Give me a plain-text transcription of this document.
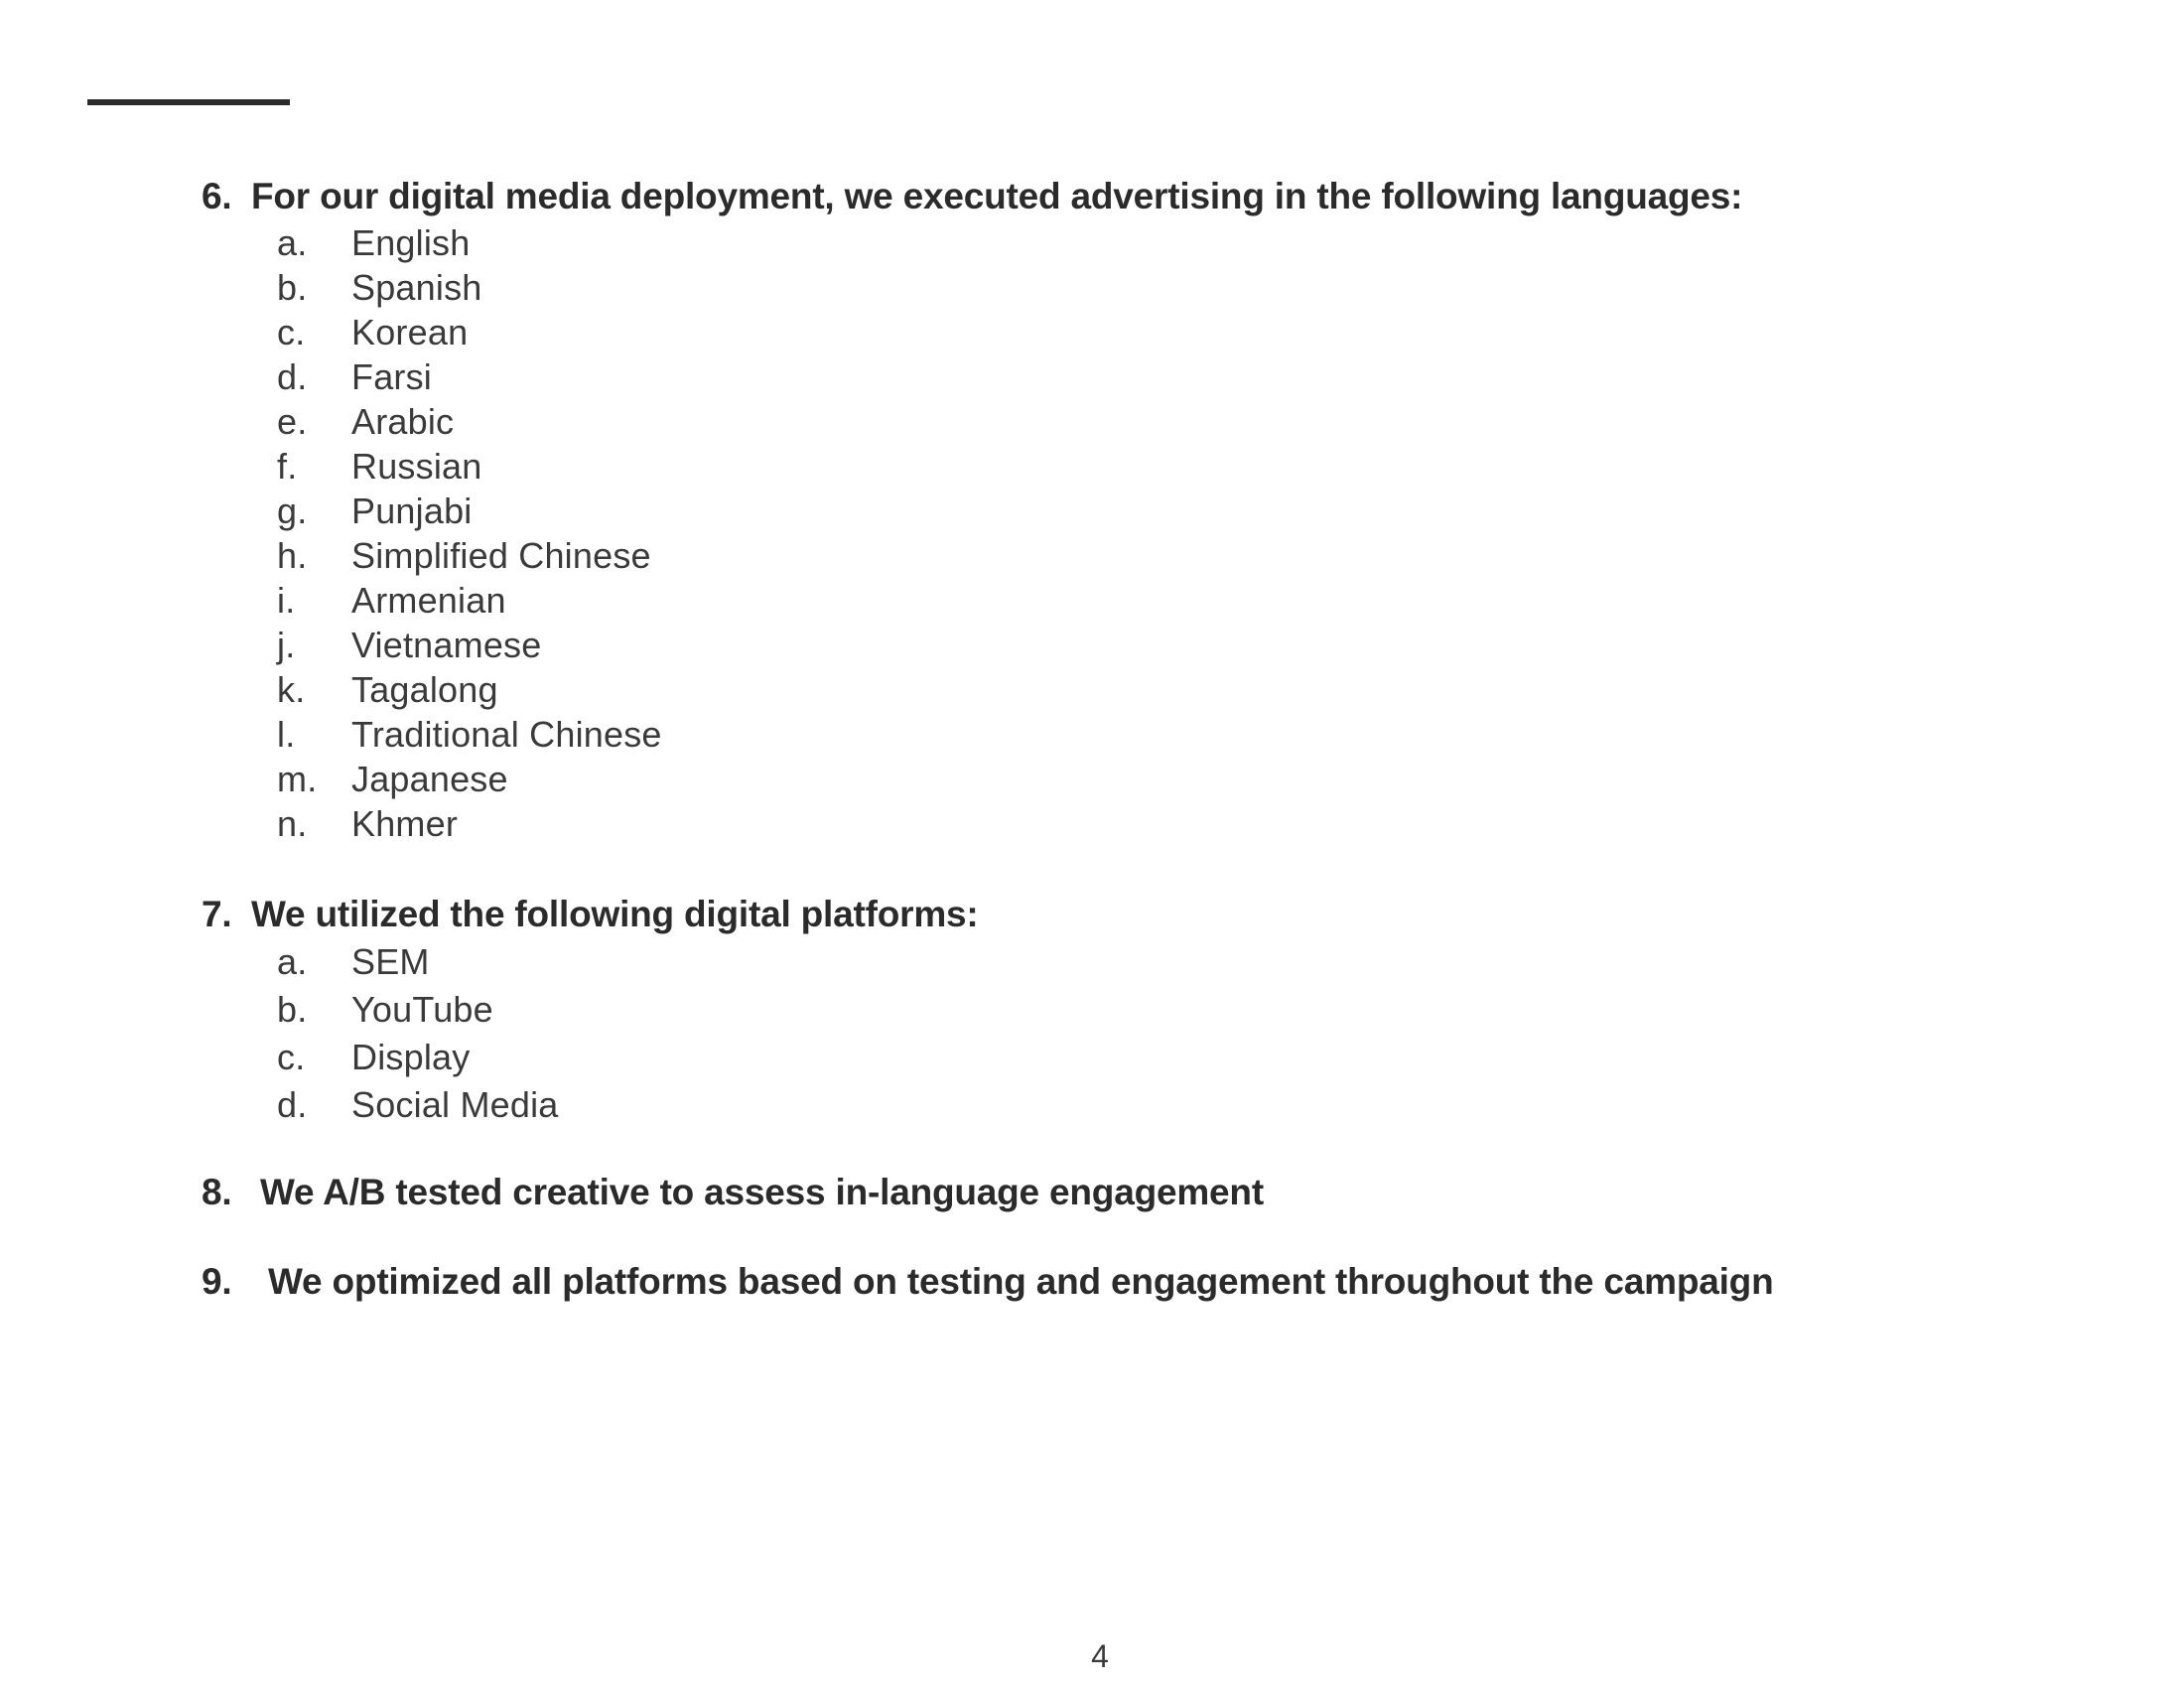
6. For our digital media deployment, we executed advertising in the following languages:
a. English
b. Spanish
c. Korean
d. Farsi
e. Arabic
f. Russian
g. Punjabi
h. Simplified Chinese
i. Armenian
j. Vietnamese
k. Tagalong
l. Traditional Chinese
m. Japanese
n. Khmer
7. We utilized the following digital platforms:
a. SEM
b. YouTube
c. Display
d. Social Media
8. We A/B tested creative to assess in-language engagement
9. We optimized all platforms based on testing and engagement throughout the campaign
4
